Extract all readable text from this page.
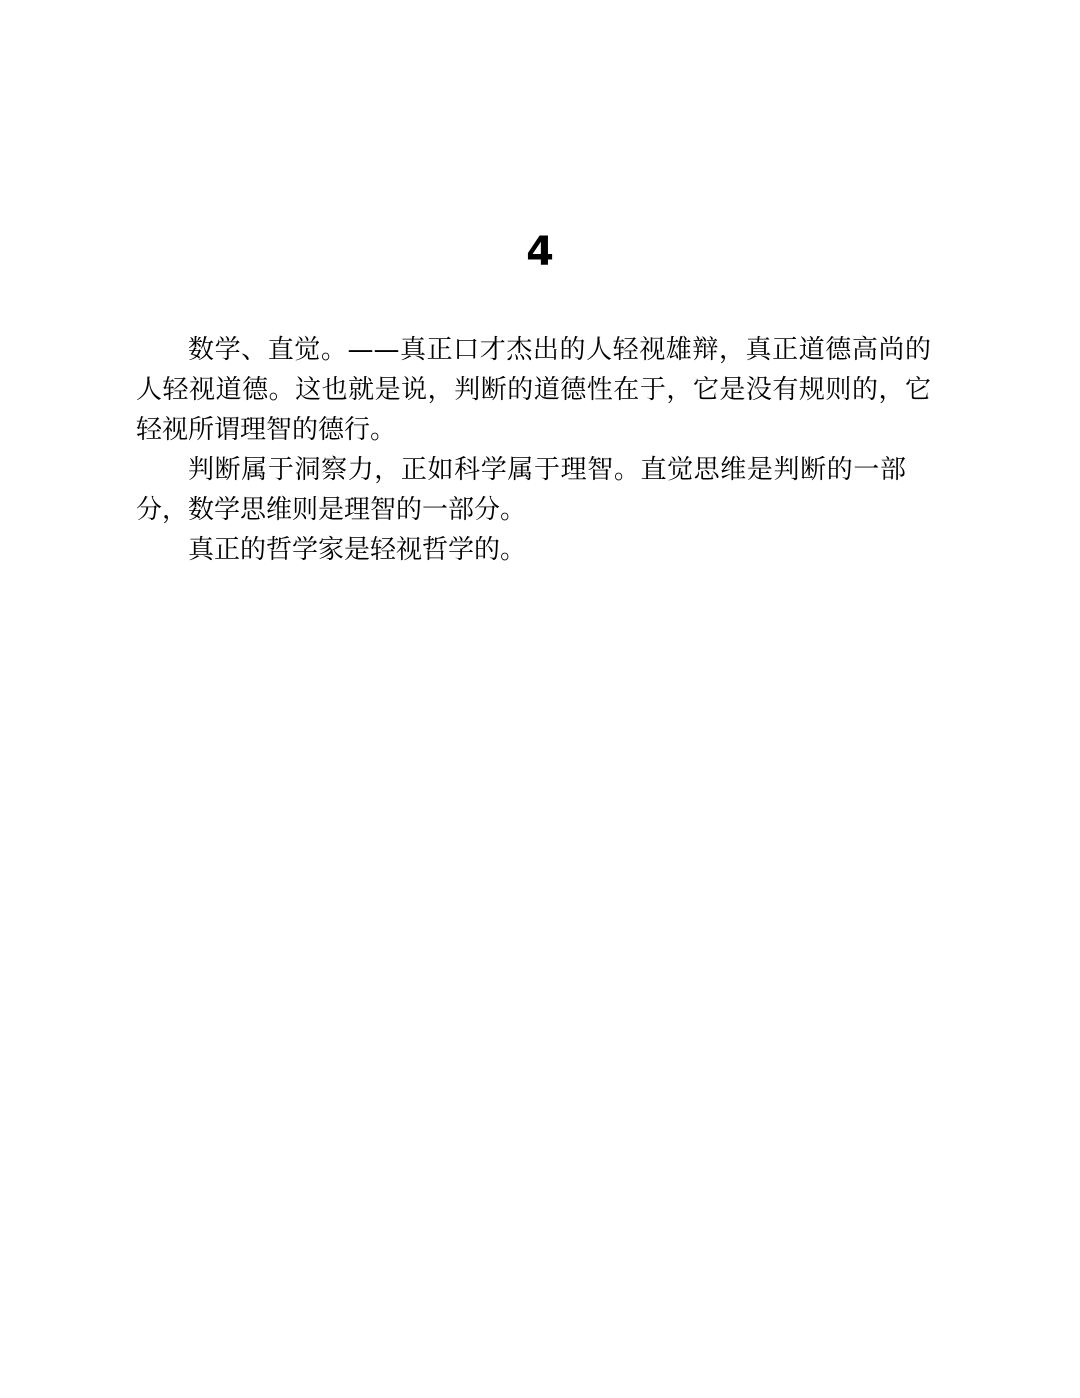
4

数学、直觉。——真正口才杰出的人轻视雄辩，真正道德高尚的人轻视道德。这也就是说，判断的道德性在于，它是没有规则的，它轻视所谓理智的德行。

判断属于洞察力，正如科学属于理智。直觉思维是判断的一部分，数学思维则是理智的一部分。

真正的哲学家是轻视哲学的。
